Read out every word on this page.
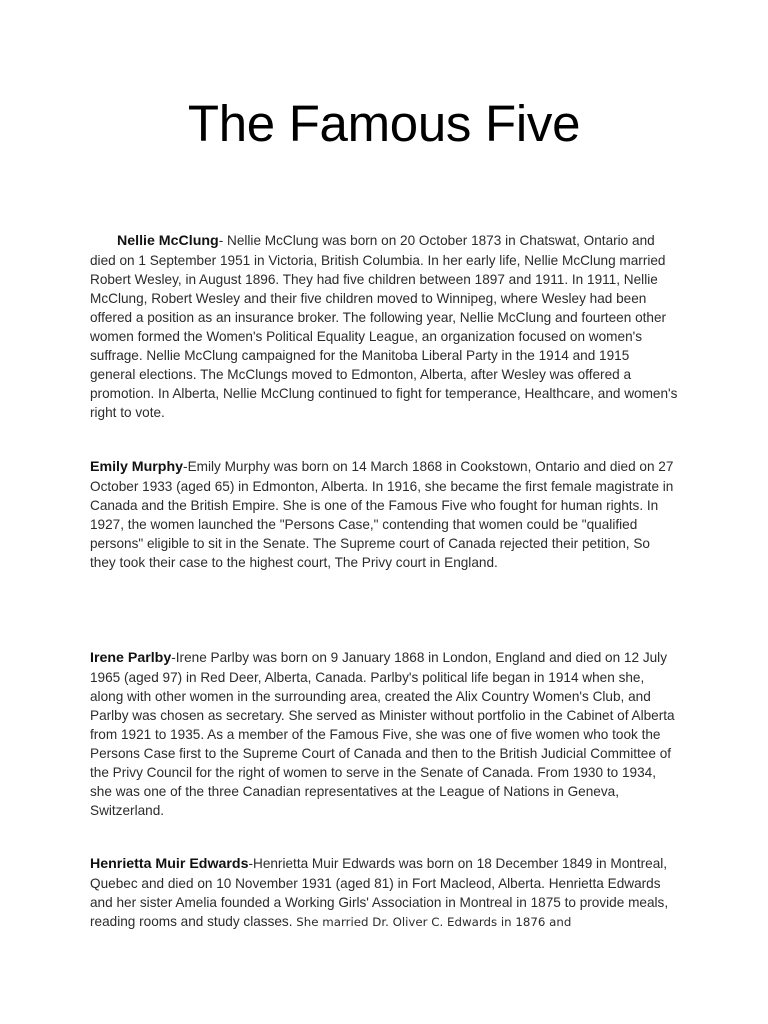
The Famous Five

Nellie McClung- Nellie McClung was born on 20 October 1873 in Chatswat, Ontario and died on 1 September 1951 in Victoria, British Columbia. In her early life, Nellie McClung married Robert Wesley, in August 1896. They had five children between 1897 and 1911. In 1911, Nellie McClung, Robert Wesley and their five children moved to Winnipeg, where Wesley had been offered a position as an insurance broker. The following year, Nellie McClung and fourteen other women formed the Women's Political Equality League, an organization focused on women's suffrage. Nellie McClung campaigned for the Manitoba Liberal Party in the 1914 and 1915 general elections. The McClungs moved to Edmonton, Alberta, after Wesley was offered a promotion. In Alberta, Nellie McClung continued to fight for temperance, Healthcare, and women's right to vote.

Emily Murphy-Emily Murphy was born on 14 March 1868 in Cookstown, Ontario and died on 27 October 1933 (aged 65) in Edmonton, Alberta. In 1916, she became the first female magistrate in Canada and the British Empire. She is one of the Famous Five who fought for human rights. In 1927, the women launched the "Persons Case," contending that women could be "qualified persons" eligible to sit in the Senate. The Supreme court of Canada rejected their petition, So they took their case to the highest court, The Privy court in England.

Irene Parlby-Irene Parlby was born on 9 January 1868 in London, England and died on 12 July 1965 (aged 97) in Red Deer, Alberta, Canada. Parlby's political life began in 1914 when she, along with other women in the surrounding area, created the Alix Country Women's Club, and Parlby was chosen as secretary. She served as Minister without portfolio in the Cabinet of Alberta from 1921 to 1935. As a member of the Famous Five, she was one of five women who took the Persons Case first to the Supreme Court of Canada and then to the British Judicial Committee of the Privy Council for the right of women to serve in the Senate of Canada. From 1930 to 1934, she was one of the three Canadian representatives at the League of Nations in Geneva, Switzerland.

Henrietta Muir Edwards-Henrietta Muir Edwards was born on 18 December 1849 in Montreal, Quebec and died on 10 November 1931 (aged 81) in Fort Macleod, Alberta. Henrietta Edwards and her sister Amelia founded a Working Girls' Association in Montreal in 1875 to provide meals, reading rooms and study classes. She married Dr. Oliver C. Edwards in 1876 and
